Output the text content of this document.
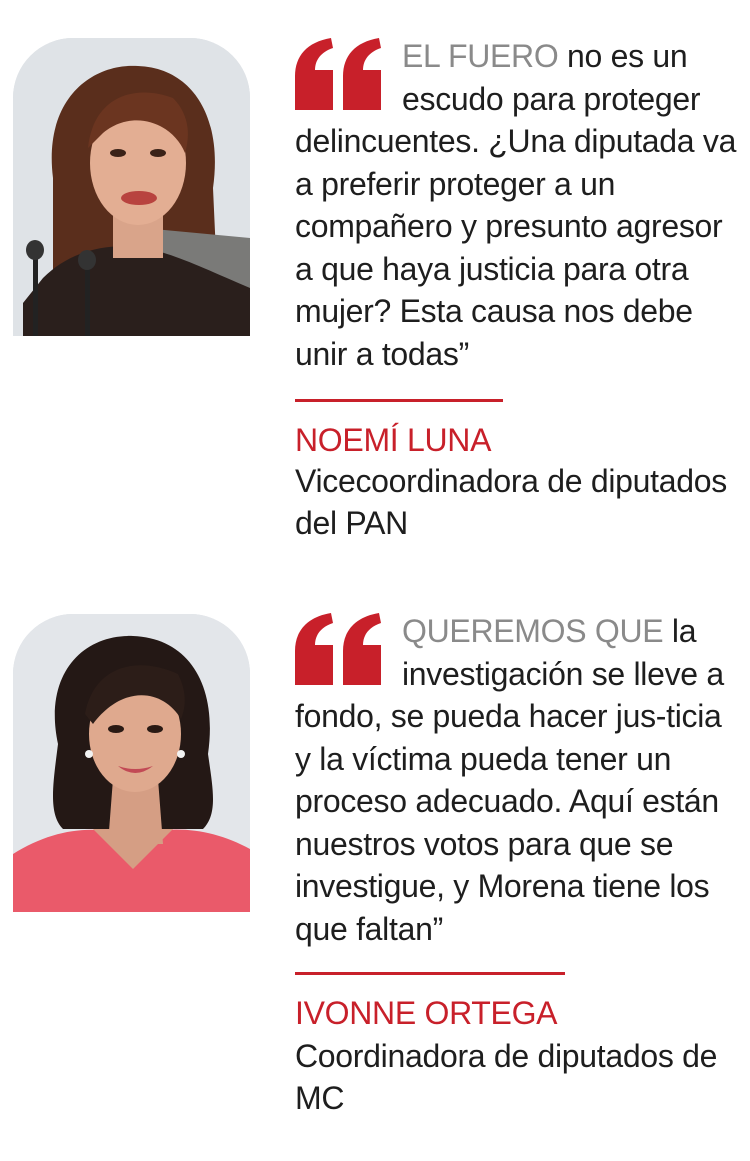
EL FUERO no es un escudo para proteger delincuentes. ¿Una diputada va a preferir proteger a un compañero y presunto agresor a que haya justicia para otra mujer? Esta causa nos debe unir a todas”

NOEMÍ LUNA

Vicecoordinadora de diputados del PAN

QUEREMOS QUE la investigación se lleve a fondo, se pueda hacer jus-ticia y la víctima pueda tener un proceso adecuado. Aquí están nuestros votos para que se investigue, y Morena tiene los que faltan”

IVONNE ORTEGA

Coordinadora de diputados de MC
